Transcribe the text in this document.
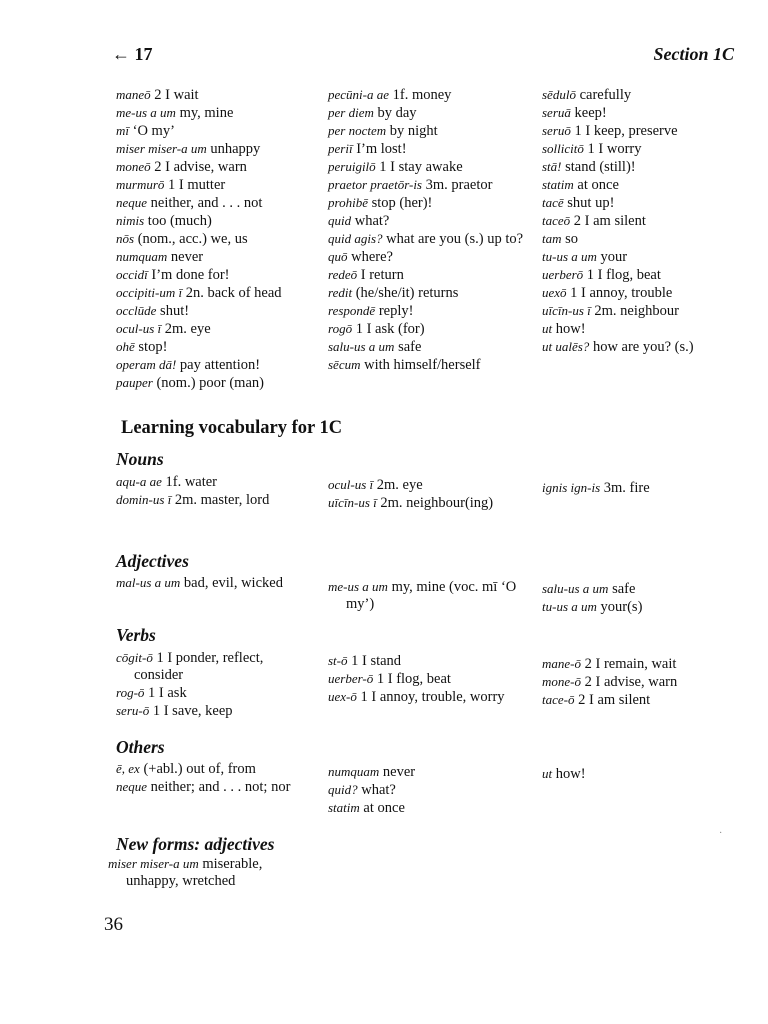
← 17	Section 1C

maneō 2 I wait

me-us a um my, mine

mī ‘O my’

miser miser-a um unhappy

moneō 2 I advise, warn

murmurō 1 I mutter

neque neither, and . . . not

nimis too (much)

nōs (nom., acc.) we, us

numquam never

occidī I’m done for!

occipiti-um ī 2n. back of head

occlūde shut!

ocul-us ī 2m. eye

ohē stop!

operam dā! pay attention!

pauper (nom.) poor (man)

pecūni-a ae 1f. money

per diem by day

per noctem by night

periī I’m lost!

peruigilō 1 I stay awake

praetor praetōr-is 3m. praetor

prohibē stop (her)!

quid what?

quid agis? what are you (s.) up to?

quō where?

redeō I return

redit (he/she/it) returns

respondē reply!

rogō 1 I ask (for)

salu-us a um safe

sēcum with himself/herself

sēdulō carefully

seruā keep!

seruō 1 I keep, preserve

sollicitō 1 I worry

stā! stand (still)!

statim at once

tacē shut up!

taceō 2 I am silent

tam so

tu-us a um your

uerberō 1 I flog, beat

uexō 1 I annoy, trouble

uīcīn-us ī 2m. neighbour

ut how!

ut ualēs? how are you? (s.)

Learning vocabulary for 1C
Nouns

aqu-a ae 1f. water

domin-us ī 2m. master, lord

ocul-us ī 2m. eye

uīcīn-us ī 2m. neighbour(ing)

ignis ign-is 3m. fire

Adjectives

mal-us a um bad, evil, wicked	me-us a um my, mine (voc. mī ‘O my’)

salu-us a um safe

tu-us a um your(s)

Verbs

cōgit-ō 1 I ponder, reflect, consider

rog-ō 1 I ask

seru-ō 1 I save, keep

st-ō 1 I stand

uerber-ō 1 I flog, beat

uex-ō 1 I annoy, trouble, worry

mane-ō 2 I remain, wait

mone-ō 2 I advise, warn

tace-ō 2 I am silent

Others

ē, ex (+abl.) out of, from

neque neither; and . . . not; nor

numquam never

quid? what?

statim at once

ut how!

New forms: adjectives

miser miser-a um miserable, unhappy, wretched

36
·
